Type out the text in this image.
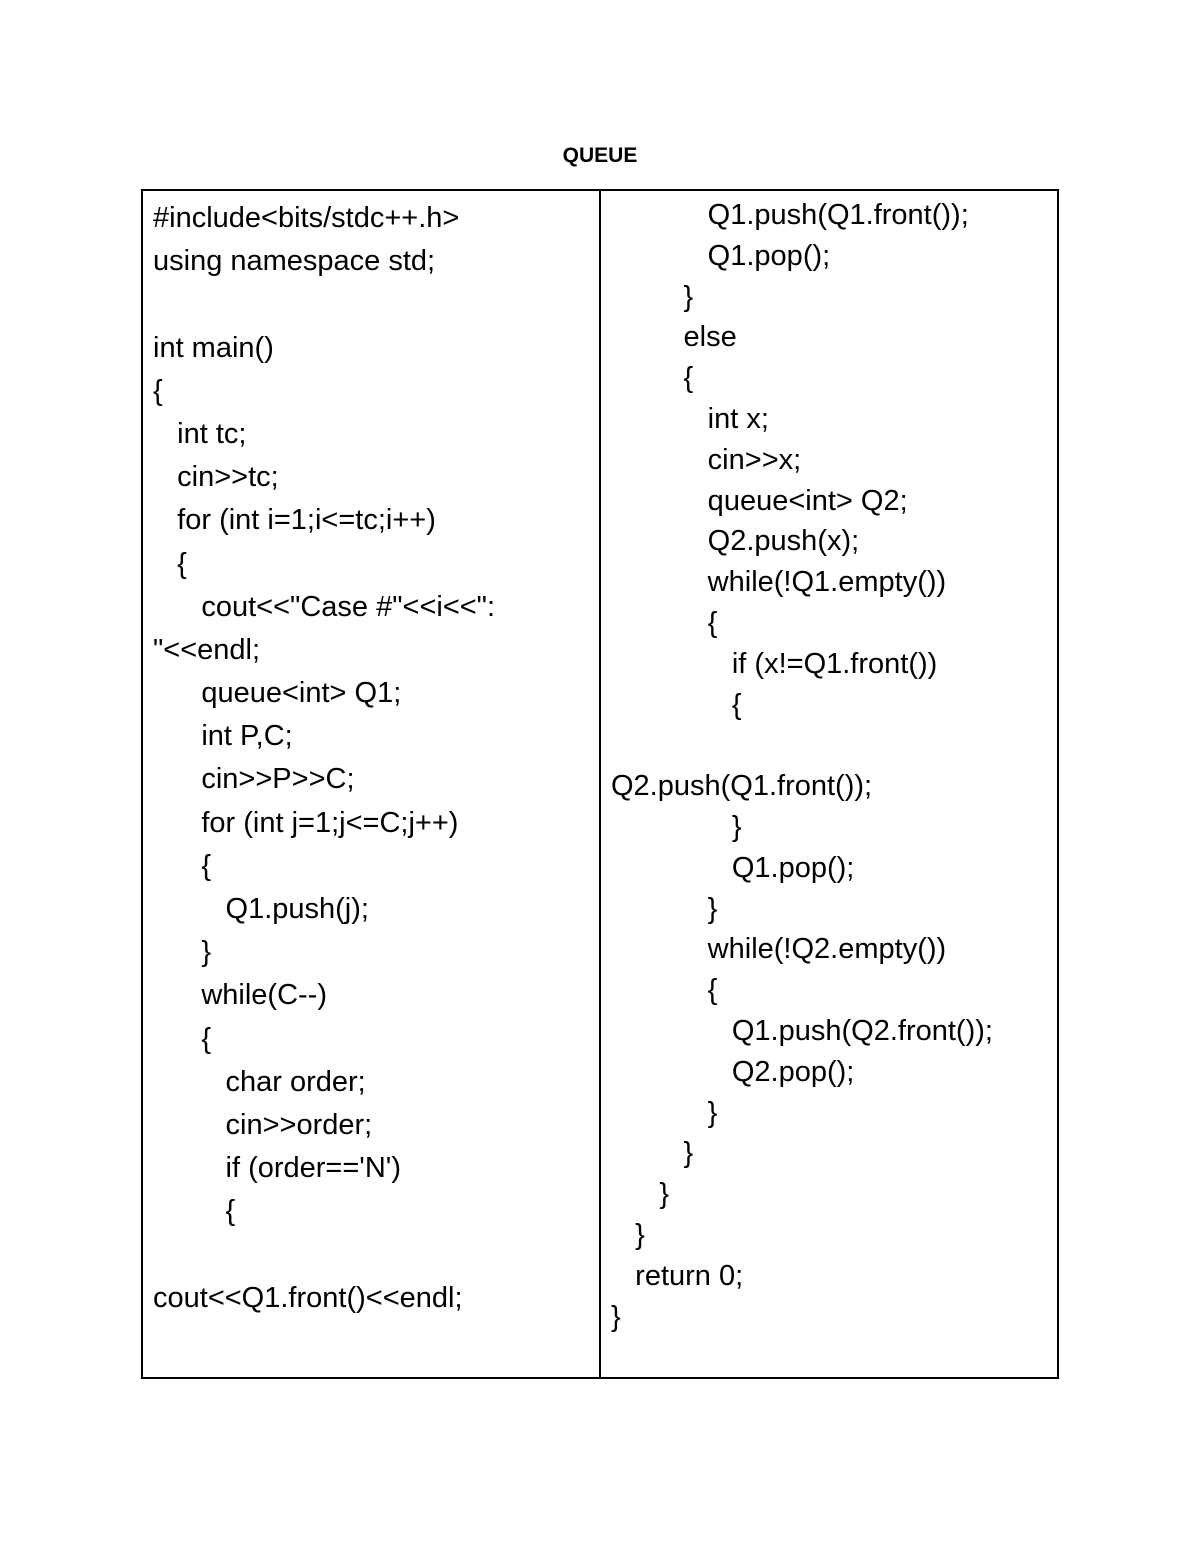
QUEUE
#include<bits/stdc++.h>
using namespace std;
int main()
{
int tc;
cin>>tc;
for (int i=1;i<=tc;i++)
{
cout<<"Case #"<<i<<":
"<<endl;
queue<int> Q1;
int P,C;
cin>>P>>C;
for (int j=1;j<=C;j++)
{
Q1.push(j);
}
while(C--)
{
char order;
cin>>order;
if (order=='N')
{
cout<<Q1.front()<<endl;
Q1.push(Q1.front());
Q1.pop();
}
else
{
int x;
cin>>x;
queue<int> Q2;
Q2.push(x);
while(!Q1.empty())
{
if (x!=Q1.front())
{
Q2.push(Q1.front());
}
Q1.pop();
}
while(!Q2.empty())
{
Q1.push(Q2.front());
Q2.pop();
}
}
}
}
return 0;
}
